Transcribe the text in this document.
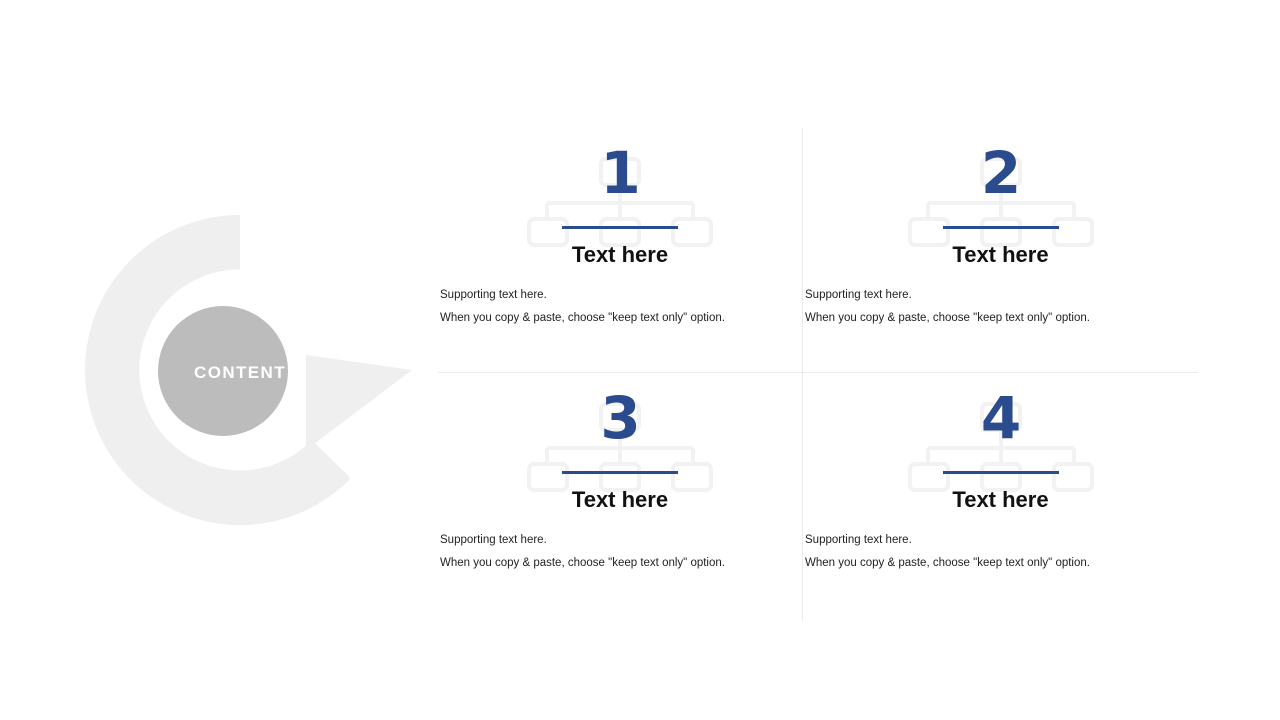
CONTENT
1
Text here

Supporting text here.

When you copy & paste, choose "keep text only" option.

2
Text here

Supporting text here.

When you copy & paste, choose "keep text only" option.

3
Text here

Supporting text here.

When you copy & paste, choose "keep text only" option.

4
Text here

Supporting text here.

When you copy & paste, choose "keep text only" option.
